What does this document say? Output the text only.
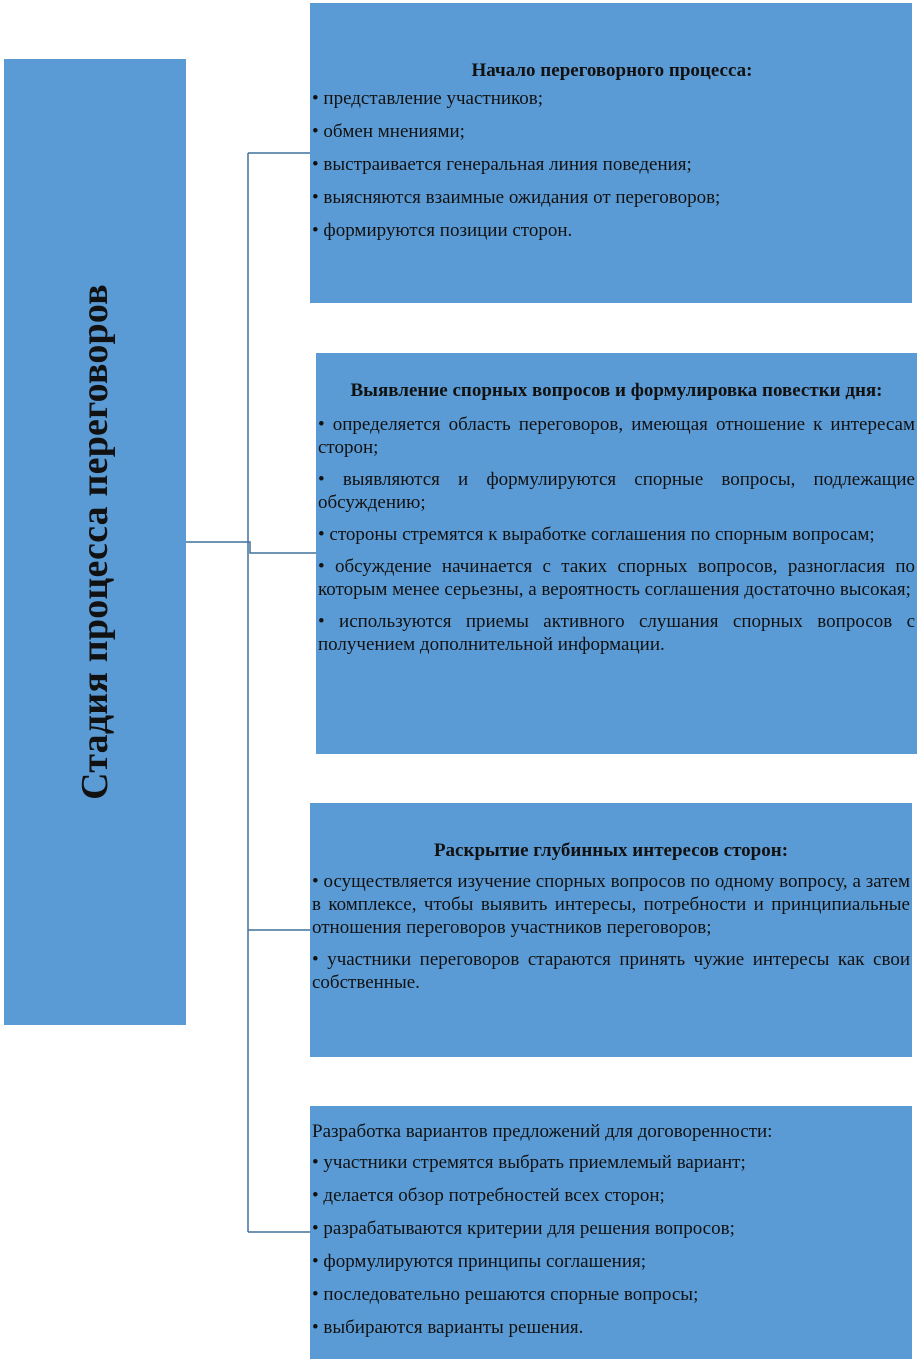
Стадия процесса переговоров
Начало переговорного процесса:
• представление участников;
• обмен мнениями;
• выстраивается генеральная линия поведения;
• выясняются взаимные ожидания от переговоров;
• формируются позиции сторон.
Выявление спорных вопросов и формулировка повестки дня:
• определяется область переговоров, имеющая отношение к интересам сторон;
• выявляются и формулируются спорные вопросы, подлежащие обсуждению;
• стороны стремятся к выработке соглашения по спорным вопросам;
• обсуждение начинается с таких спорных вопросов, разногласия по которым менее серьезны, а вероятность соглашения достаточно высокая;
• используются приемы активного слушания спорных вопросов с получением дополнительной информации.
Раскрытие глубинных интересов сторон:
• осуществляется изучение спорных вопросов по одному вопросу, а затем в комплексе, чтобы выявить интересы, потребности и принципиальные отношения переговоров участников переговоров;
• участники переговоров стараются принять чужие интересы как свои собственные.
Разработка вариантов предложений для договоренности:
• участники стремятся выбрать приемлемый вариант;
• делается обзор потребностей всех сторон;
• разрабатываются критерии для решения вопросов;
• формулируются принципы соглашения;
• последовательно решаются спорные вопросы;
• выбираются варианты решения.
